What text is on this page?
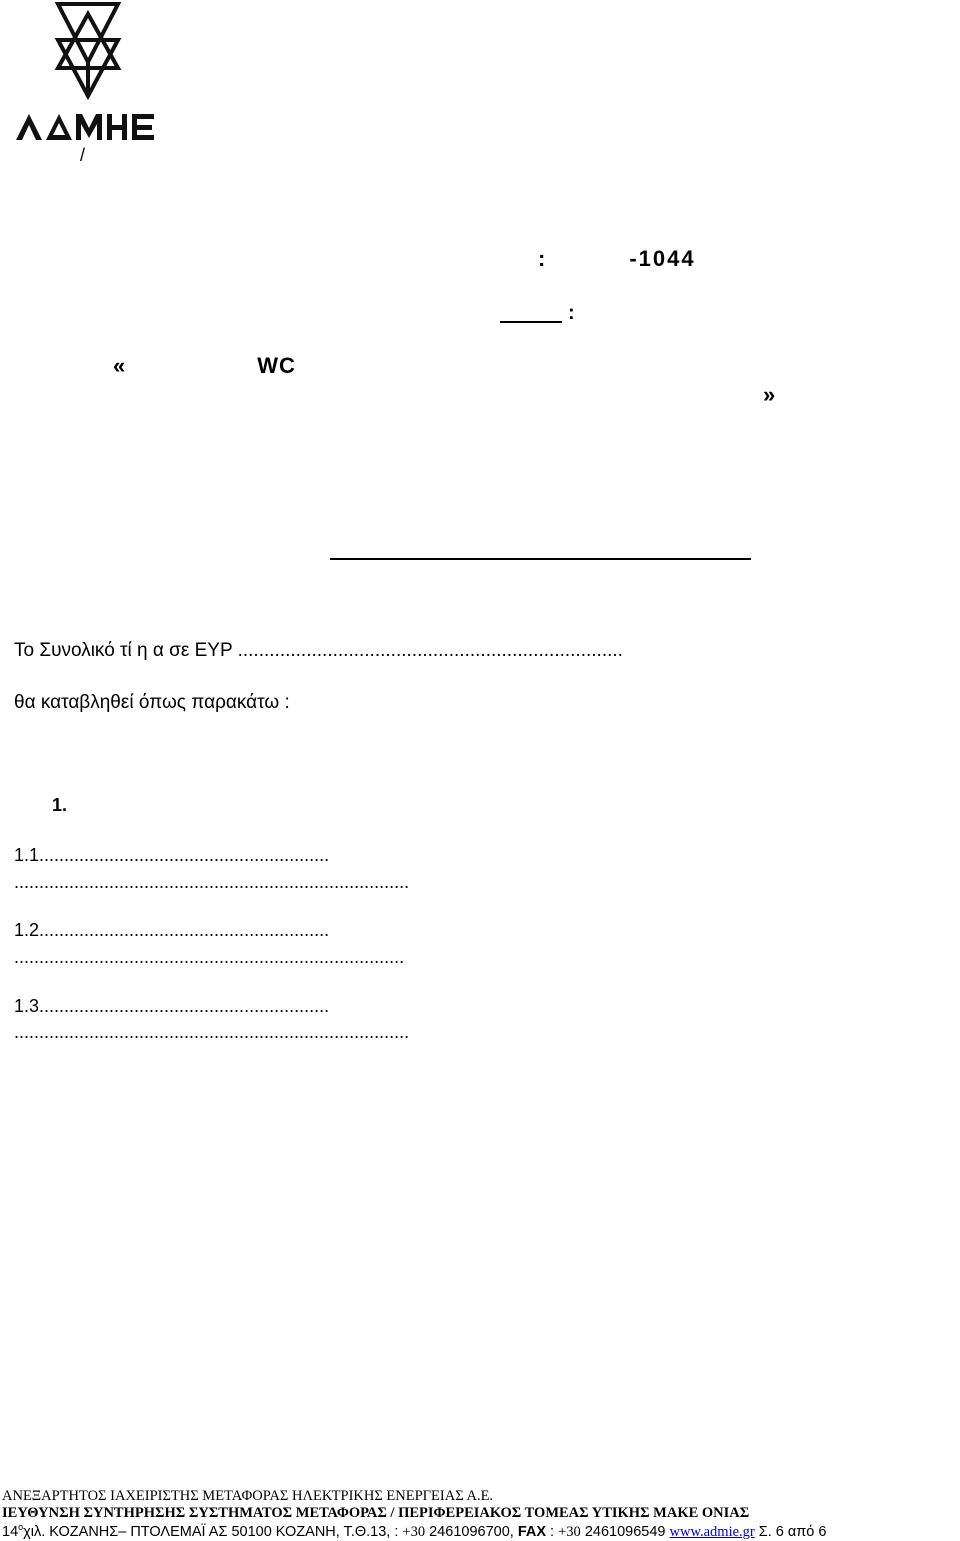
/
:	-1044
:
«	WC
»
Το Συνολικό τί η α σε ΕΥΡ .........................................................................
θα καταβληθεί όπως παρακάτω :
1.
1.1..........................................................
...............................................................................
1.2..........................................................
..............................................................................
1.3..........................................................
...............................................................................
ΑΝΕΞΑΡΤΗΤΟΣ ΙΑΧΕΙΡΙΣΤΗΣ ΜΕΤΑΦΟΡΑΣ ΗΛΕΚΤΡΙΚΗΣ ΕΝΕΡΓΕΙΑΣ Α.Ε.
ΙΕΥΘΥΝΣΗ ΣΥΝΤΗΡΗΣΗΣ ΣΥΣΤΗΜΑΤΟΣ ΜΕΤΑΦΟΡΑΣ / ΠΕΡΙΦΕΡΕΙΑΚΟΣ ΤΟΜΕΑΣ ΥΤΙΚΗΣ ΜΑΚΕ ΟΝΙΑΣ
$14^o\chi\iota\lambda$. ΚΟΖΑΝΗΣ– ΠΤΟΛΕΜΑΪ ΑΣ 50100 ΚΟΖΑΝΗ, Τ.Θ.13, : +30 2461096700, FAX : +30 2461096549 www.admie.gr Σ. 6 από 6
